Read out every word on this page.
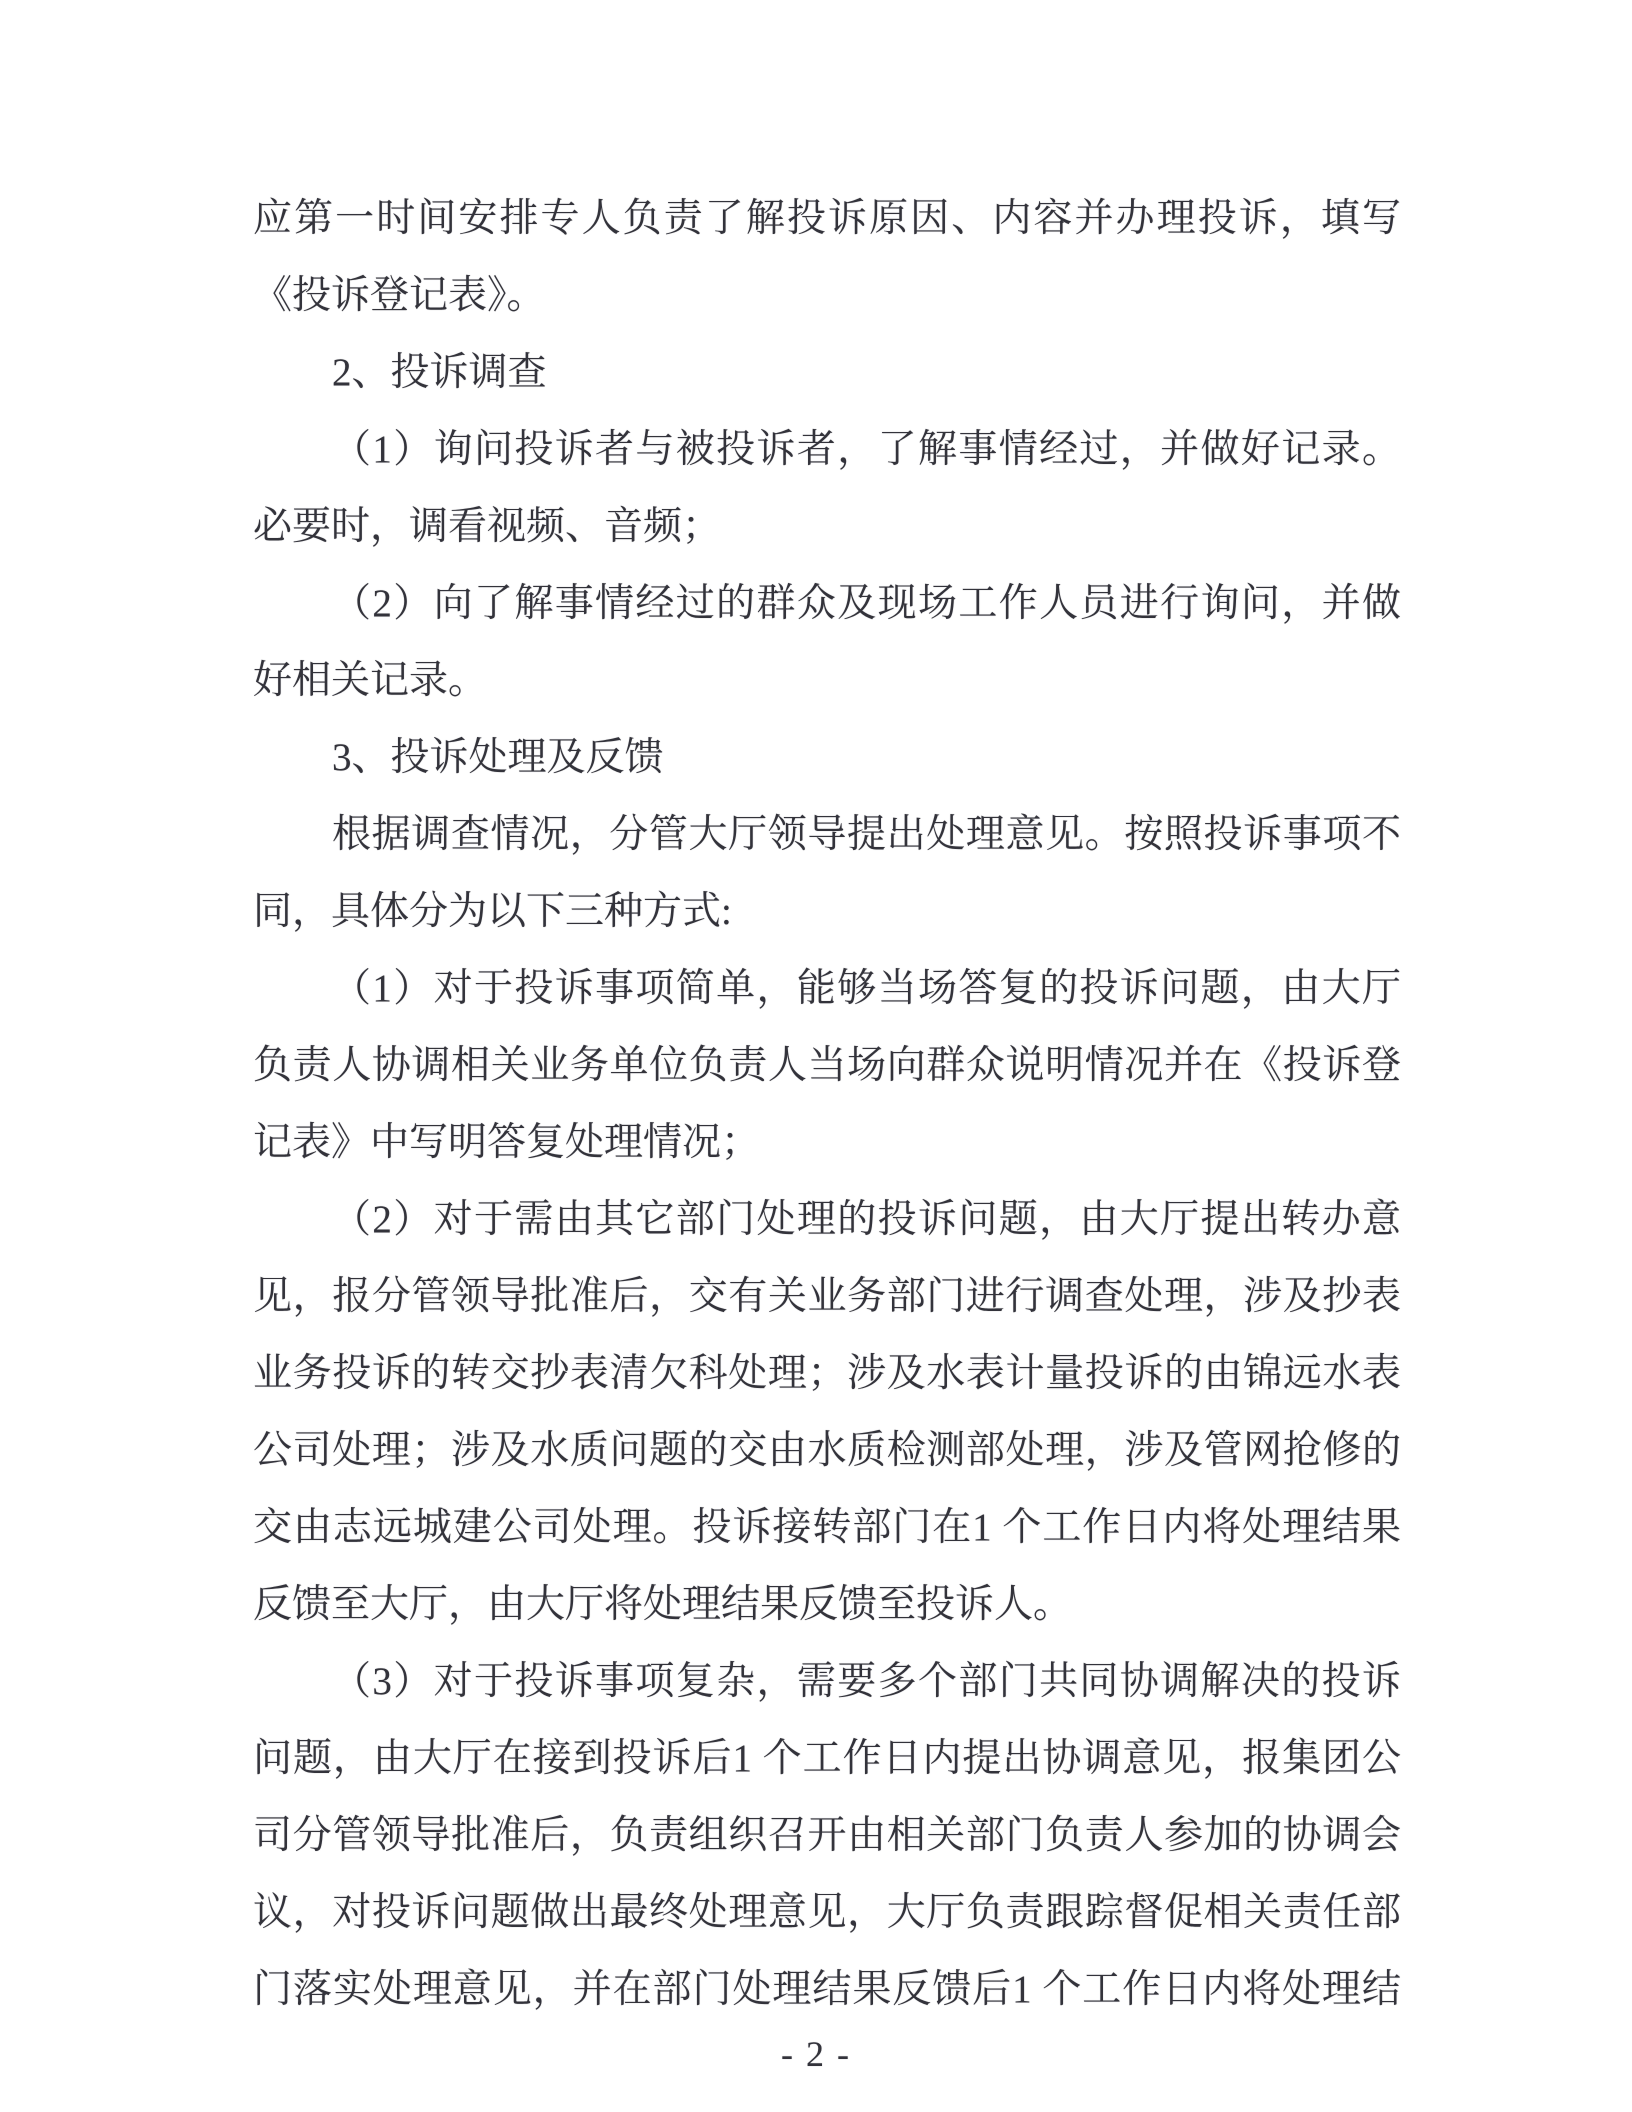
应第一时间安排专人负责了解投诉原因、内容并办理投诉，填写
《投诉登记表》。
2、投诉调查
（1）询问投诉者与被投诉者，了解事情经过，并做好记录。
必要时，调看视频、音频；
（2）向了解事情经过的群众及现场工作人员进行询问，并做
好相关记录。
3、投诉处理及反馈
根据调查情况，分管大厅领导提出处理意见。按照投诉事项不
同，具体分为以下三种方式:
（1）对于投诉事项简单，能够当场答复的投诉问题，由大厅
负责人协调相关业务单位负责人当场向群众说明情况并在《投诉登
记表》中写明答复处理情况；
（2）对于需由其它部门处理的投诉问题，由大厅提出转办意
见，报分管领导批准后，交有关业务部门进行调查处理，涉及抄表
业务投诉的转交抄表清欠科处理；涉及水表计量投诉的由锦远水表
公司处理；涉及水质问题的交由水质检测部处理，涉及管网抢修的
交由志远城建公司处理。投诉接转部门在1 个工作日内将处理结果
反馈至大厅，由大厅将处理结果反馈至投诉人。
（3）对于投诉事项复杂，需要多个部门共同协调解决的投诉
问题，由大厅在接到投诉后1 个工作日内提出协调意见，报集团公
司分管领导批准后，负责组织召开由相关部门负责人参加的协调会
议，对投诉问题做出最终处理意见，大厅负责跟踪督促相关责任部
门落实处理意见，并在部门处理结果反馈后1 个工作日内将处理结
- 2 -
